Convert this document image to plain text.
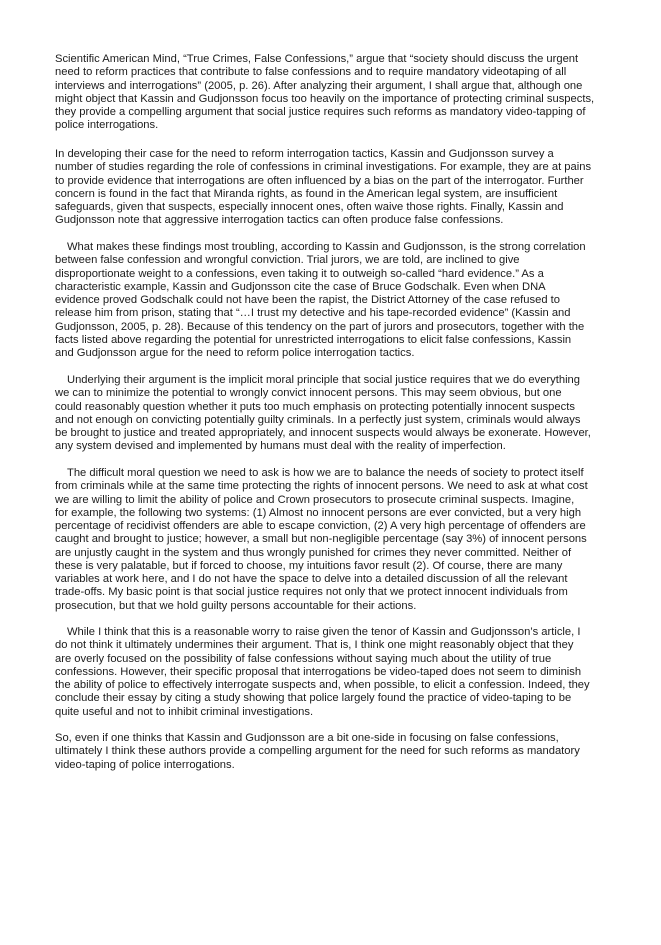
Scientific American Mind, “True Crimes, False Confessions,” argue that “society should discuss the urgent
need to reform practices that contribute to false confessions and to require mandatory videotaping of all
interviews and interrogations” (2005, p. 26). After analyzing their argument, I shall argue that, although one
might object that Kassin and Gudjonsson focus too heavily on the importance of protecting criminal suspects,
they provide a compelling argument that social justice requires such reforms as mandatory video-tapping of
police interrogations.

In developing their case for the need to reform interrogation tactics, Kassin and Gudjonsson survey a
number of studies regarding the role of confessions in criminal investigations. For example, they are at pains
to provide evidence that interrogations are often influenced by a bias on the part of the interrogator. Further
concern is found in the fact that Miranda rights, as found in the American legal system, are insufficient
safeguards, given that suspects, especially innocent ones, often waive those rights. Finally, Kassin and
Gudjonsson note that aggressive interrogation tactics can often produce false confessions.

What makes these findings most troubling, according to Kassin and Gudjonsson, is the strong correlation
between false confession and wrongful conviction. Trial jurors, we are told, are inclined to give
disproportionate weight to a confessions, even taking it to outweigh so-called “hard evidence.” As a
characteristic example, Kassin and Gudjonsson cite the case of Bruce Godschalk. Even when DNA
evidence proved Godschalk could not have been the rapist, the District Attorney of the case refused to
release him from prison, stating that “…I trust my detective and his tape-recorded evidence” (Kassin and
Gudjonsson, 2005, p. 28). Because of this tendency on the part of jurors and prosecutors, together with the
facts listed above regarding the potential for unrestricted interrogations to elicit false confessions, Kassin
and Gudjonsson argue for the need to reform police interrogation tactics.

Underlying their argument is the implicit moral principle that social justice requires that we do everything
we can to minimize the potential to wrongly convict innocent persons. This may seem obvious, but one
could reasonably question whether it puts too much emphasis on protecting potentially innocent suspects
and not enough on convicting potentially guilty criminals. In a perfectly just system, criminals would always
be brought to justice and treated appropriately, and innocent suspects would always be exonerate. However,
any system devised and implemented by humans must deal with the reality of imperfection.

The difficult moral question we need to ask is how we are to balance the needs of society to protect itself
from criminals while at the same time protecting the rights of innocent persons. We need to ask at what cost
we are willing to limit the ability of police and Crown prosecutors to prosecute criminal suspects. Imagine,
for example, the following two systems: (1) Almost no innocent persons are ever convicted, but a very high
percentage of recidivist offenders are able to escape conviction, (2) A very high percentage of offenders are
caught and brought to justice; however, a small but non-negligible percentage (say 3%) of innocent persons
are unjustly caught in the system and thus wrongly punished for crimes they never committed. Neither of
these is very palatable, but if forced to choose, my intuitions favor result (2). Of course, there are many
variables at work here, and I do not have the space to delve into a detailed discussion of all the relevant
trade-offs. My basic point is that social justice requires not only that we protect innocent individuals from
prosecution, but that we hold guilty persons accountable for their actions.

While I think that this is a reasonable worry to raise given the tenor of Kassin and Gudjonsson’s article, I
do not think it ultimately undermines their argument. That is, I think one might reasonably object that they
are overly focused on the possibility of false confessions without saying much about the utility of true
confessions. However, their specific proposal that interrogations be video-taped does not seem to diminish
the ability of police to effectively interrogate suspects and, when possible, to elicit a confession. Indeed, they
conclude their essay by citing a study showing that police largely found the practice of video-taping to be
quite useful and not to inhibit criminal investigations.

So, even if one thinks that Kassin and Gudjonsson are a bit one-side in focusing on false confessions,
ultimately I think these authors provide a compelling argument for the need for such reforms as mandatory
video-taping of police interrogations.
